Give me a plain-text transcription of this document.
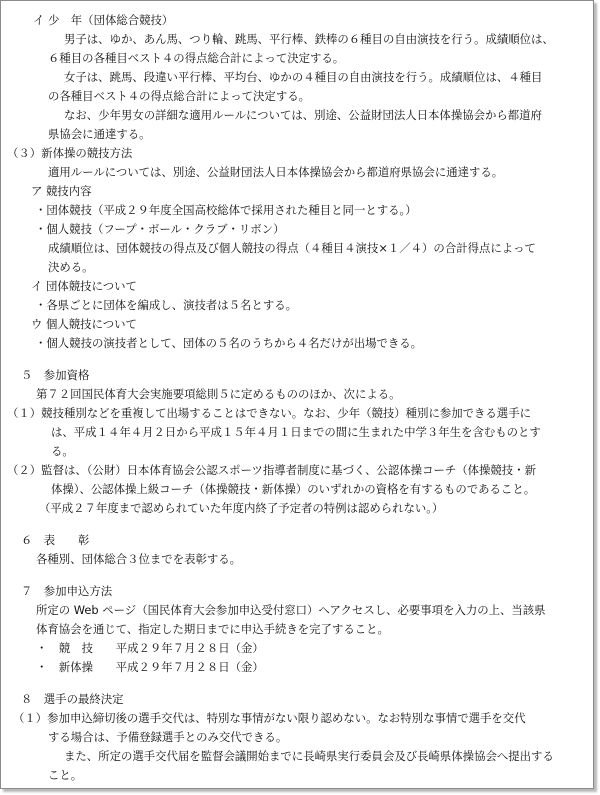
イ 少　年（団体総合競技）
男子は、ゆか、あん馬、つり輪、跳馬、平行棒、鉄棒の６種目の自由演技を行う。成績順位は、
６種目の各種目ベスト４の得点総合計によって決定する。
女子は、跳馬、段違い平行棒、平均台、ゆかの４種目の自由演技を行う。成績順位は、４種目
の各種目ベスト４の得点総合計によって決定する。
なお、少年男女の詳細な適用ルールについては、別途、公益財団法人日本体操協会から都道府
県協会に通達する。
（３）新体操の競技方法
適用ルールについては、別途、公益財団法人日本体操協会から都道府県協会に通達する。
ア 競技内容
・団体競技（平成２９年度全国高校総体で採用された種目と同一とする。）
・個人競技（フープ・ボール・クラブ・リボン）
成績順位は、団体競技の得点及び個人競技の得点（４種目４演技×１／４）の合計得点によって
決める。
イ 団体競技について
・各県ごとに団体を編成し、演技者は５名とする。
ウ 個人競技について
・個人競技の演技者として、団体の５名のうちから４名だけが出場できる。
５　参加資格
第７２回国民体育大会実施要項総則５に定めるもののほか、次による。
（１）競技種別などを重複して出場することはできない。なお、少年（競技）種別に参加できる選手に
は、平成１４年４月２日から平成１５年４月１日までの間に生まれた中学３年生を含むものとす
る。
（２）監督は、（公財）日本体育協会公認スポーツ指導者制度に基づく、公認体操コーチ（体操競技・新
体操）、公認体操上級コーチ（体操競技・新体操）のいずれかの資格を有するものであること。
（平成２７年度まで認められていた年度内終了予定者の特例は認められない。）
６　表　　彰
各種別、団体総合３位までを表彰する。
７　参加申込方法
所定の Web ページ（国民体育大会参加申込受付窓口）へアクセスし、必要事項を入力の上、当該県
体育協会を通じて、指定した期日までに申込手続きを完了すること。
・　競　技　　平成２９年７月２８日（金）
・　新体操　　平成２９年７月２８日（金）
８　選手の最終決定
（１）参加申込締切後の選手交代は、特別な事情がない限り認めない。なお特別な事情で選手を交代
する場合は、予備登録選手とのみ交代できる。
また、所定の選手交代届を監督会議開始までに長崎県実行委員会及び長崎県体操協会へ提出する
こと。
